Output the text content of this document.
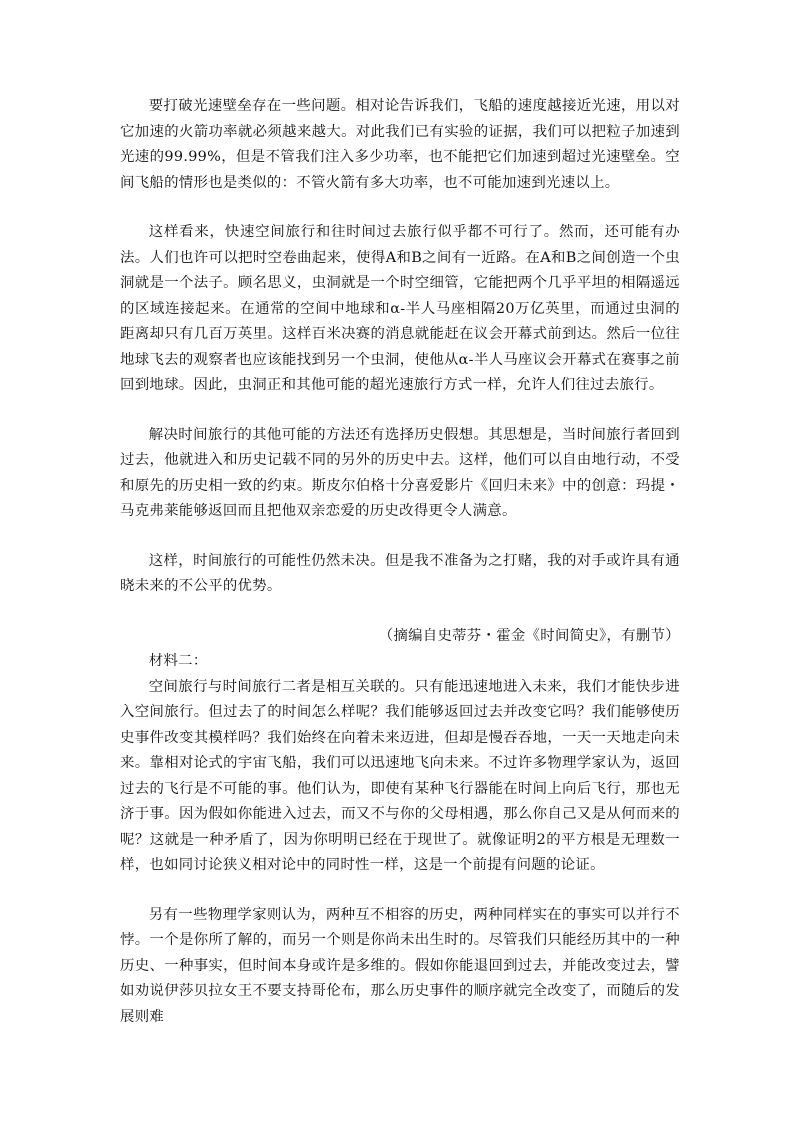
要打破光速壁垒存在一些问题。相对论告诉我们，飞船的速度越接近光速，用以对它加速的火箭功率就必须越来越大。对此我们已有实验的证据，我们可以把粒子加速到光速的99.99%，但是不管我们注入多少功率，也不能把它们加速到超过光速壁垒。空间飞船的情形也是类似的：不管火箭有多大功率，也不可能加速到光速以上。

这样看来，快速空间旅行和往时间过去旅行似乎都不可行了。然而，还可能有办法。人们也许可以把时空卷曲起来，使得A和B之间有一近路。在A和B之间创造一个虫洞就是一个法子。顾名思义，虫洞就是一个时空细管，它能把两个几乎平坦的相隔遥远的区域连接起来。在通常的空间中地球和α-半人马座相隔20万亿英里，而通过虫洞的距离却只有几百万英里。这样百米决赛的消息就能赶在议会开幕式前到达。然后一位往地球飞去的观察者也应该能找到另一个虫洞，使他从α-半人马座议会开幕式在赛事之前回到地球。因此，虫洞正和其他可能的超光速旅行方式一样，允许人们往过去旅行。

解决时间旅行的其他可能的方法还有选择历史假想。其思想是，当时间旅行者回到过去，他就进入和历史记载不同的另外的历史中去。这样，他们可以自由地行动，不受和原先的历史相一致的约束。斯皮尔伯格十分喜爱影片《回归未来》中的创意：玛提・马克弗莱能够返回而且把他双亲恋爱的历史改得更令人满意。

这样，时间旅行的可能性仍然未决。但是我不准备为之打赌，我的对手或许具有通晓未来的不公平的优势。

（摘编自史蒂芬・霍金《时间简史》，有删节）

材料二：

空间旅行与时间旅行二者是相互关联的。只有能迅速地进入未来，我们才能快步进入空间旅行。但过去了的时间怎么样呢？我们能够返回过去并改变它吗？我们能够使历史事件改变其模样吗？我们始终在向着未来迈进，但却是慢吞吞地，一天一天地走向未来。靠相对论式的宇宙飞船，我们可以迅速地飞向未来。不过许多物理学家认为，返回过去的飞行是不可能的事。他们认为，即使有某种飞行器能在时间上向后飞行，那也无济于事。因为假如你能进入过去，而又不与你的父母相遇，那么你自己又是从何而来的呢？这就是一种矛盾了，因为你明明已经在于现世了。就像证明2的平方根是无理数一样，也如同讨论狭义相对论中的同时性一样，这是一个前提有问题的论证。

另有一些物理学家则认为，两种互不相容的历史，两种同样实在的事实可以并行不悖。一个是你所了解的，而另一个则是你尚未出生时的。尽管我们只能经历其中的一种历史、一种事实，但时间本身或许是多维的。假如你能退回到过去，并能改变过去，譬如劝说伊莎贝拉女王不要支持哥伦布，那么历史事件的顺序就完全改变了，而随后的发展则难
